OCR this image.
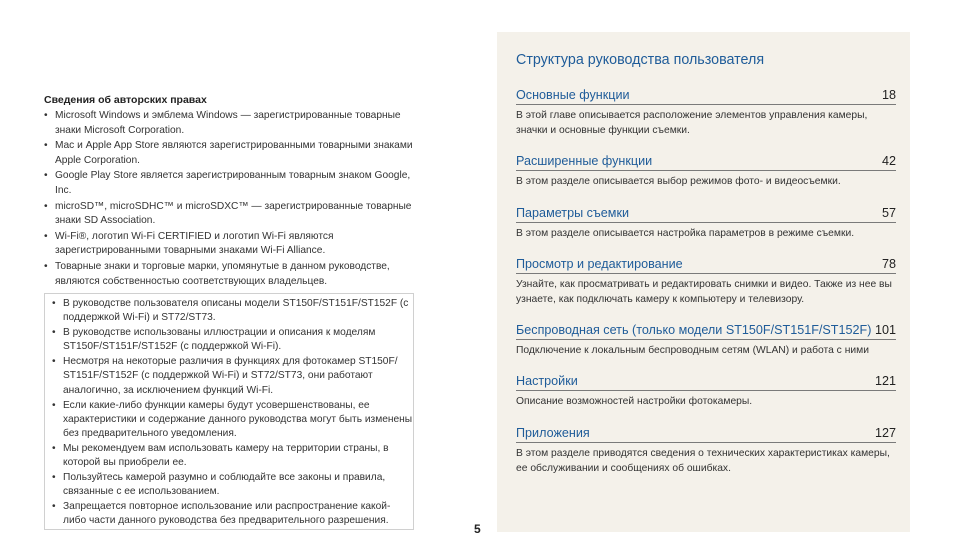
Сведения об авторских правах
• Microsoft Windows и эмблема Windows — зарегистрированные товарные знаки Microsoft Corporation.
• Mac и Apple App Store являются зарегистрированными товарными знаками Apple Corporation.
• Google Play Store является зарегистрированным товарным знаком Google, Inc.
• microSD™, microSDHC™ и microSDXC™ — зарегистрированные товарные знаки SD Association.
• Wi-Fi®, логотип Wi-Fi CERTIFIED и логотип Wi-Fi являются зарегистрированными товарными знаками Wi-Fi Alliance.
• Товарные знаки и торговые марки, упомянутые в данном руководстве, являются собственностью соответствующих владельцев.
• В руководстве пользователя описаны модели ST150F/ST151F/ST152F (с поддержкой Wi-Fi) и ST72/ST73.
• В руководстве использованы иллюстрации и описания к моделям ST150F/ST151F/ST152F (с поддержкой Wi-Fi).
• Несмотря на некоторые различия в функциях для фотокамер ST150F/ ST151F/ST152F (с поддержкой Wi-Fi) и ST72/ST73, они работают аналогично, за исключением функций Wi-Fi.
• Если какие-либо функции камеры будут усовершенствованы, ее характеристики и содержание данного руководства могут быть изменены без предварительного уведомления.
• Мы рекомендуем вам использовать камеру на территории страны, в которой вы приобрели ее.
• Пользуйтесь камерой разумно и соблюдайте все законы и правила, связанные с ее использованием.
• Запрещается повторное использование или распространение какой-либо части данного руководства без предварительного разрешения.
5
Структура руководства пользователя
Основные функции	18

В этой главе описывается расположение элементов управления камеры, значки и основные функции съемки.

Расширенные функции	42

В этом разделе описывается выбор режимов фото- и видеосъемки.

Параметры съемки	57

В этом разделе описывается настройка параметров в режиме съемки.

Просмотр и редактирование	78

Узнайте, как просматривать и редактировать снимки и видео. Также из нее вы узнаете, как подключать камеру к компьютеру и телевизору.

Беспроводная сеть (только модели ST150F/ST151F/ST152F) 101

Подключение к локальным беспроводным сетям (WLAN) и работа с ними

Настройки	121

Описание возможностей настройки фотокамеры.

Приложения	127

В этом разделе приводятся сведения о технических характеристиках камеры, ее обслуживании и сообщениях об ошибках.
